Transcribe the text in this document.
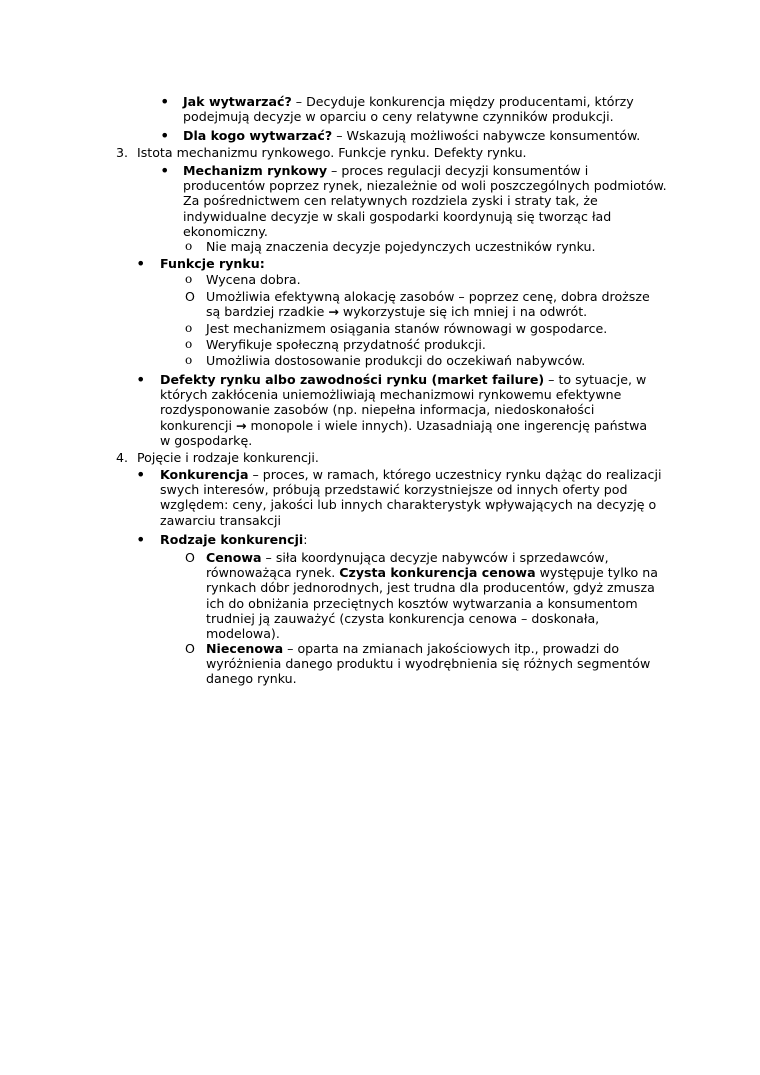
• Jak wytwarzać? – Decyduje konkurencja między producentami, którzy podejmują decyzje w oparciu o ceny relatywne czynników produkcji.

• Dla kogo wytwarzać? – Wskazują możliwości nabywcze konsumentów.

3. Istota mechanizmu rynkowego. Funkcje rynku. Defekty rynku.

• Mechanizm rynkowy – proces regulacji decyzji konsumentów i producentów poprzez rynek, niezależnie od woli poszczególnych podmiotów. Za pośrednictwem cen relatywnych rozdziela zyski i straty tak, że indywidualne decyzje w skali gospodarki koordynują się tworząc ład ekonomiczny.

o Nie mają znaczenia decyzje pojedynczych uczestników rynku.

• Funkcje rynku:

o Wycena dobra.

O Umożliwia efektywną alokację zasobów – poprzez cenę, dobra droższe są bardziej rzadkie → wykorzystuje się ich mniej i na odwrót.

o Jest mechanizmem osiągania stanów równowagi w gospodarce.

o Weryfikuje społeczną przydatność produkcji.

o Umożliwia dostosowanie produkcji do oczekiwań nabywców.

• Defekty rynku albo zawodności rynku (market failure) – to sytuacje, w których zakłócenia uniemożliwiają mechanizmowi rynkowemu efektywne rozdysponowanie zasobów (np. niepełna informacja, niedoskonałości konkurencji → monopole i wiele innych). Uzasadniają one ingerencję państwa w gospodarkę.

4. Pojęcie i rodzaje konkurencji.

• Konkurencja – proces, w ramach, którego uczestnicy rynku dążąc do realizacji swych interesów, próbują przedstawić korzystniejsze od innych oferty pod względem: ceny, jakości lub innych charakterystyk wpływających na decyzję o zawarciu transakcji

• Rodzaje konkurencji:

O Cenowa – siła koordynująca decyzje nabywców i sprzedawców, równoważąca rynek. Czysta konkurencja cenowa występuje tylko na rynkach dóbr jednorodnych, jest trudna dla producentów, gdyż zmusza ich do obniżania przeciętnych kosztów wytwarzania a konsumentom trudniej ją zauważyć (czysta konkurencja cenowa – doskonała, modelowa).

O Niecenowa – oparta na zmianach jakościowych itp., prowadzi do wyróżnienia danego produktu i wyodrębnienia się różnych segmentów danego rynku.
